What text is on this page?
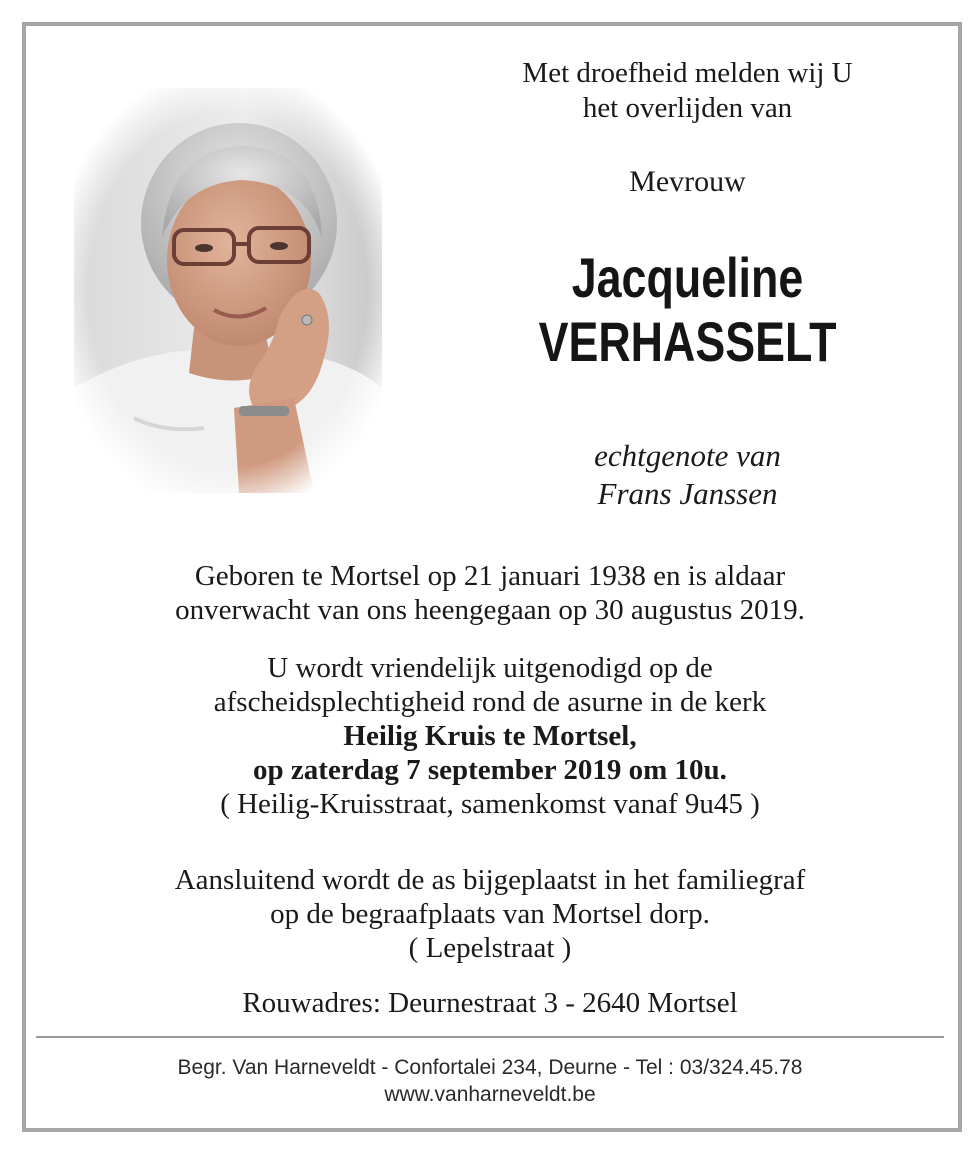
Met droefheid melden wij U
het overlijden van
Mevrouw
Jacqueline
VERHASSELT
echtgenote van
Frans Janssen
Geboren te Mortsel op 21 januari 1938 en is aldaar
onverwacht van ons heengegaan op 30 augustus 2019.
U wordt vriendelijk uitgenodigd op de
afscheidsplechtigheid rond de asurne in de kerk
Heilig Kruis te Mortsel,
op zaterdag 7 september 2019 om 10u.
( Heilig-Kruisstraat, samenkomst vanaf 9u45 )
Aansluitend wordt de as bijgeplaatst in het familiegraf
op de begraafplaats van Mortsel dorp.
( Lepelstraat )
Rouwadres: Deurnestraat 3 - 2640 Mortsel
Begr. Van Harneveldt - Confortalei 234, Deurne - Tel : 03/324.45.78
www.vanharneveldt.be
